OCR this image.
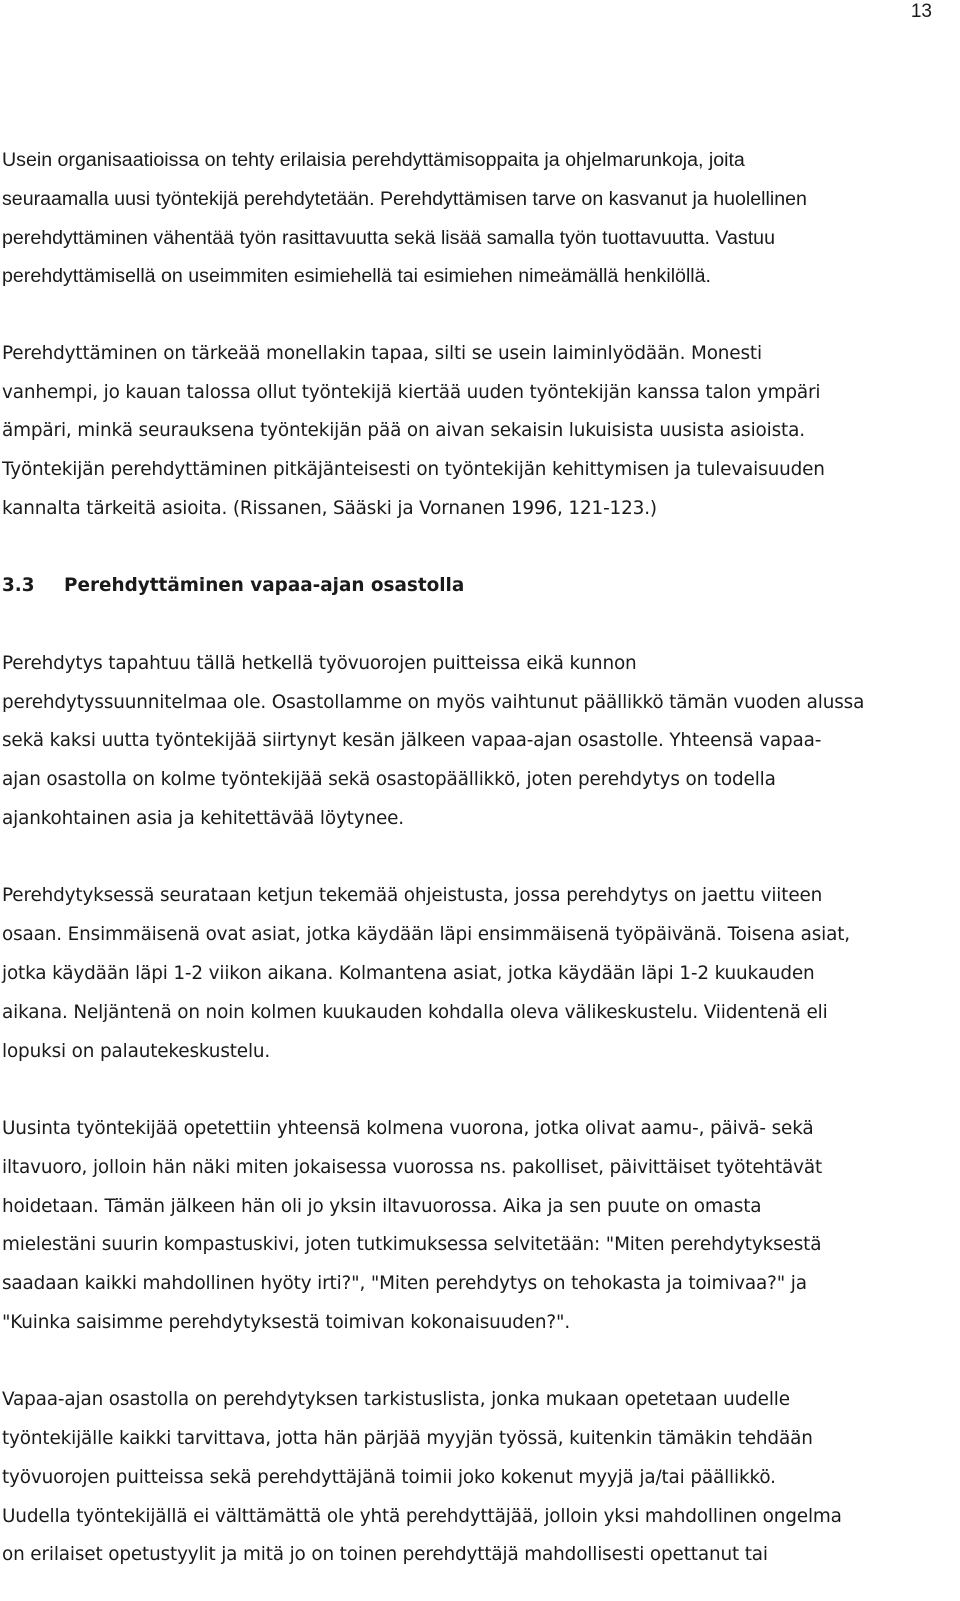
13

Usein organisaatioissa on tehty erilaisia perehdyttämisoppaita ja ohjelmarunkoja, joita
seuraamalla uusi työntekijä perehdytetään. Perehdyttämisen tarve on kasvanut ja huolellinen
perehdyttäminen vähentää työn rasittavuutta sekä lisää samalla työn tuottavuutta. Vastuu
perehdyttämisellä on useimmiten esimiehellä tai esimiehen nimeämällä henkilöllä.

Perehdyttäminen on tärkeää monellakin tapaa, silti se usein laiminlyödään. Monesti
vanhempi, jo kauan talossa ollut työntekijä kiertää uuden työntekijän kanssa talon ympäri
ämpäri, minkä seurauksena työntekijän pää on aivan sekaisin lukuisista uusista asioista.
Työntekijän perehdyttäminen pitkäjänteisesti on työntekijän kehittymisen ja tulevaisuuden
kannalta tärkeitä asioita. (Rissanen, Sääski ja Vornanen 1996, 121-123.)

3.3 Perehdyttäminen vapaa-ajan osastolla

Perehdytys tapahtuu tällä hetkellä työvuorojen puitteissa eikä kunnon
perehdytyssuunnitelmaa ole. Osastollamme on myös vaihtunut päällikkö tämän vuoden alussa
sekä kaksi uutta työntekijää siirtynyt kesän jälkeen vapaa-ajan osastolle. Yhteensä vapaa-
ajan osastolla on kolme työntekijää sekä osastopäällikkö, joten perehdytys on todella
ajankohtainen asia ja kehitettävää löytynee.

Perehdytyksessä seurataan ketjun tekemää ohjeistusta, jossa perehdytys on jaettu viiteen
osaan. Ensimmäisenä ovat asiat, jotka käydään läpi ensimmäisenä työpäivänä. Toisena asiat,
jotka käydään läpi 1-2 viikon aikana. Kolmantena asiat, jotka käydään läpi 1-2 kuukauden
aikana. Neljäntenä on noin kolmen kuukauden kohdalla oleva välikeskustelu. Viidentenä eli
lopuksi on palautekeskustelu.

Uusinta työntekijää opetettiin yhteensä kolmena vuorona, jotka olivat aamu-, päivä- sekä
iltavuoro, jolloin hän näki miten jokaisessa vuorossa ns. pakolliset, päivittäiset työtehtävät
hoidetaan. Tämän jälkeen hän oli jo yksin iltavuorossa. Aika ja sen puute on omasta
mielestäni suurin kompastuskivi, joten tutkimuksessa selvitetään: "Miten perehdytyksestä
saadaan kaikki mahdollinen hyöty irti?", "Miten perehdytys on tehokasta ja toimivaa?" ja
"Kuinka saisimme perehdytyksestä toimivan kokonaisuuden?".

Vapaa-ajan osastolla on perehdytyksen tarkistuslista, jonka mukaan opetetaan uudelle
työntekijälle kaikki tarvittava, jotta hän pärjää myyjän työssä, kuitenkin tämäkin tehdään
työvuorojen puitteissa sekä perehdyttäjänä toimii joko kokenut myyjä ja/tai päällikkö.
Uudella työntekijällä ei välttämättä ole yhtä perehdyttäjää, jolloin yksi mahdollinen ongelma
on erilaiset opetustyylit ja mitä jo on toinen perehdyttäjä mahdollisesti opettanut tai
